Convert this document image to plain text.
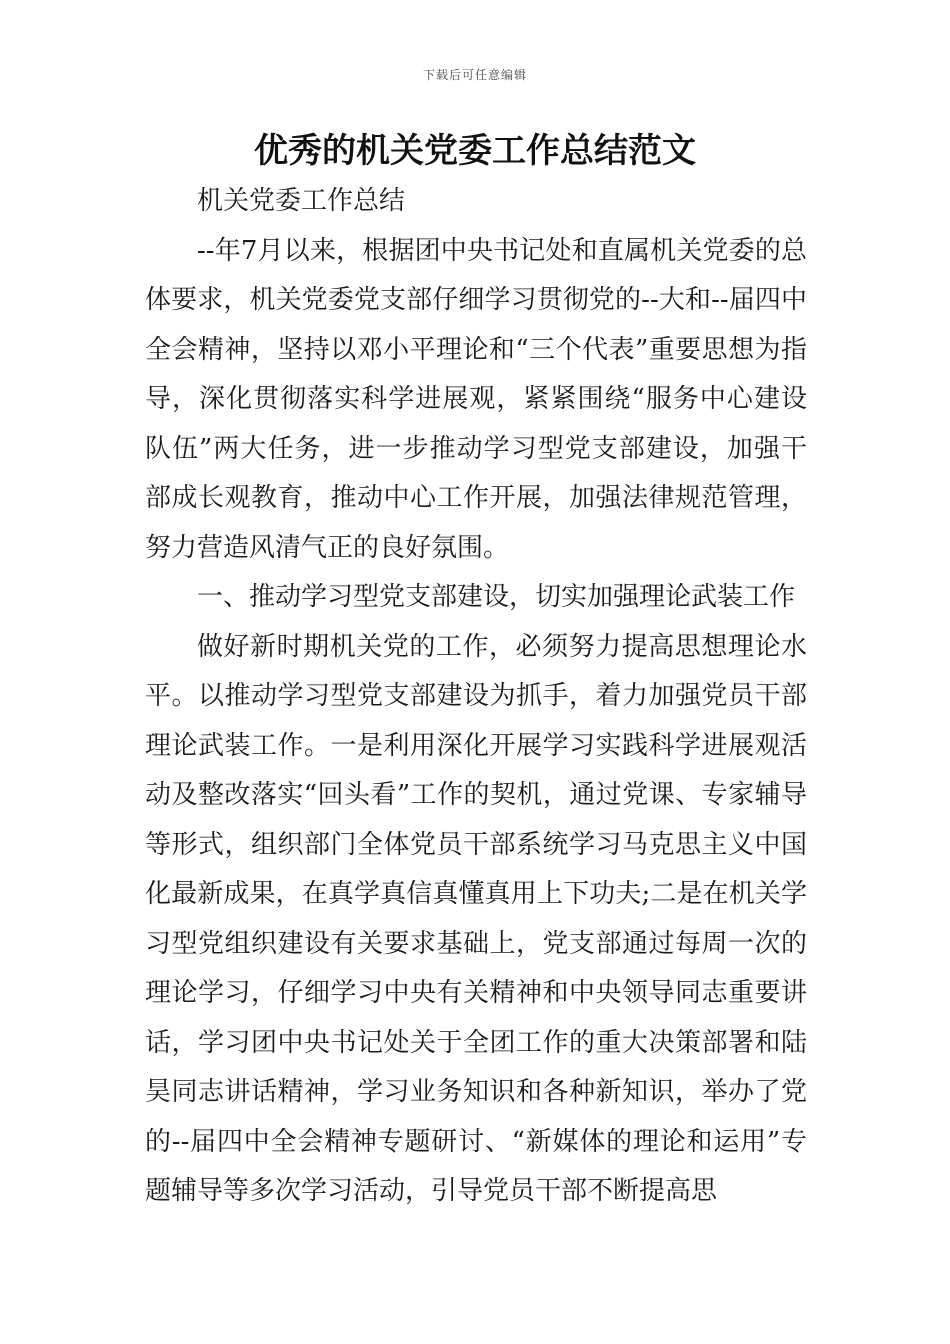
下载后可任意编辑
优秀的机关党委工作总结范文

机关党委工作总结

--年7月以来，根据团中央书记处和直属机关党委的总体要求，机关党委党支部仔细学习贯彻党的--大和--届四中全会精神，坚持以邓小平理论和“三个代表”重要思想为指导，深化贯彻落实科学进展观，紧紧围绕“服务中心建设队伍”两大任务，进一步推动学习型党支部建设，加强干部成长观教育，推动中心工作开展，加强法律规范管理，努力营造风清气正的良好氛围。

一、推动学习型党支部建设，切实加强理论武装工作

做好新时期机关党的工作，必须努力提高思想理论水平。以推动学习型党支部建设为抓手，着力加强党员干部理论武装工作。一是利用深化开展学习实践科学进展观活动及整改落实“回头看”工作的契机，通过党课、专家辅导等形式，组织部门全体党员干部系统学习马克思主义中国化最新成果，在真学真信真懂真用上下功夫;二是在机关学习型党组织建设有关要求基础上，党支部通过每周一次的理论学习，仔细学习中央有关精神和中央领导同志重要讲话，学习团中央书记处关于全团工作的重大决策部署和陆昊同志讲话精神，学习业务知识和各种新知识，举办了党的--届四中全会精神专题研讨、“新媒体的理论和运用”专题辅导等多次学习活动，引导党员干部不断提高思
